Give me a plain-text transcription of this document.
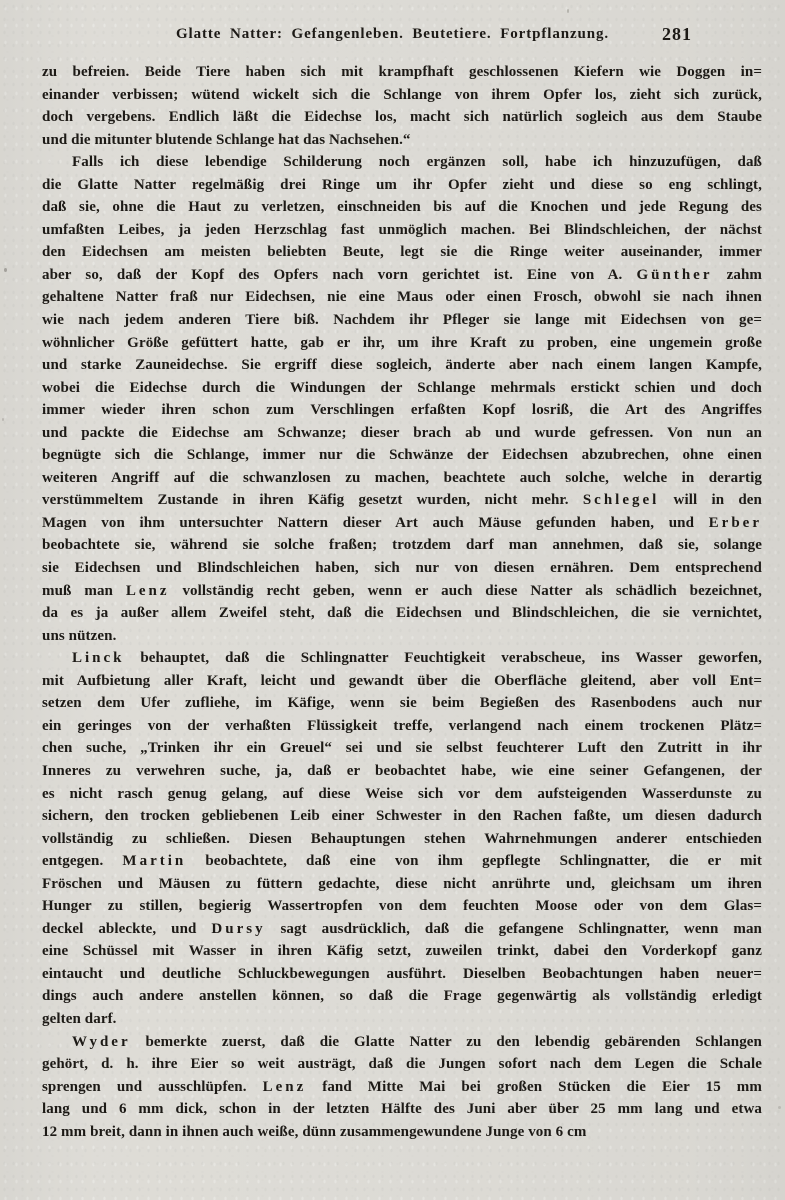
Glatte Natter: Gefangenleben. Beutetiere. Fortpflanzung.	281
zu befreien. Beide Tiere haben sich mit krampfhaft geschlossenen Kiefern wie Doggen in=
einander verbissen; wütend wickelt sich die Schlange von ihrem Opfer los, zieht sich zurück,
doch vergebens. Endlich läßt die Eidechse los, macht sich natürlich sogleich aus dem Staube
und die mitunter blutende Schlange hat das Nachsehen.“
Falls ich diese lebendige Schilderung noch ergänzen soll, habe ich hinzuzufügen, daß
die Glatte Natter regelmäßig drei Ringe um ihr Opfer zieht und diese so eng schlingt,
daß sie, ohne die Haut zu verletzen, einschneiden bis auf die Knochen und jede Regung des
umfaßten Leibes, ja jeden Herzschlag fast unmöglich machen. Bei Blindschleichen, der nächst
den Eidechsen am meisten beliebten Beute, legt sie die Ringe weiter auseinander, immer
aber so, daß der Kopf des Opfers nach vorn gerichtet ist. Eine von A. Günther zahm
gehaltene Natter fraß nur Eidechsen, nie eine Maus oder einen Frosch, obwohl sie nach ihnen
wie nach jedem anderen Tiere biß. Nachdem ihr Pfleger sie lange mit Eidechsen von ge=
wöhnlicher Größe gefüttert hatte, gab er ihr, um ihre Kraft zu proben, eine ungemein große
und starke Zauneidechse. Sie ergriff diese sogleich, änderte aber nach einem langen Kampfe,
wobei die Eidechse durch die Windungen der Schlange mehrmals erstickt schien und doch
immer wieder ihren schon zum Verschlingen erfaßten Kopf losriß, die Art des Angriffes
und packte die Eidechse am Schwanze; dieser brach ab und wurde gefressen. Von nun an
begnügte sich die Schlange, immer nur die Schwänze der Eidechsen abzubrechen, ohne einen
weiteren Angriff auf die schwanzlosen zu machen, beachtete auch solche, welche in derartig
verstümmeltem Zustande in ihren Käfig gesetzt wurden, nicht mehr. Schlegel will in den
Magen von ihm untersuchter Nattern dieser Art auch Mäuse gefunden haben, und Erber
beobachtete sie, während sie solche fraßen; trotzdem darf man annehmen, daß sie, solange
sie Eidechsen und Blindschleichen haben, sich nur von diesen ernähren. Dem entsprechend
muß man Lenz vollständig recht geben, wenn er auch diese Natter als schädlich bezeichnet,
da es ja außer allem Zweifel steht, daß die Eidechsen und Blindschleichen, die sie vernichtet,
uns nützen.
Linck behauptet, daß die Schlingnatter Feuchtigkeit verabscheue, ins Wasser geworfen,
mit Aufbietung aller Kraft, leicht und gewandt über die Oberfläche gleitend, aber voll Ent=
setzen dem Ufer zufliehe, im Käfige, wenn sie beim Begießen des Rasenbodens auch nur
ein geringes von der verhaßten Flüssigkeit treffe, verlangend nach einem trockenen Plätz=
chen suche, „Trinken ihr ein Greuel“ sei und sie selbst feuchterer Luft den Zutritt in ihr
Inneres zu verwehren suche, ja, daß er beobachtet habe, wie eine seiner Gefangenen, der
es nicht rasch genug gelang, auf diese Weise sich vor dem aufsteigenden Wasserdunste zu
sichern, den trocken gebliebenen Leib einer Schwester in den Rachen faßte, um diesen dadurch
vollständig zu schließen. Diesen Behauptungen stehen Wahrnehmungen anderer entschieden
entgegen. Martin beobachtete, daß eine von ihm gepflegte Schlingnatter, die er mit
Fröschen und Mäusen zu füttern gedachte, diese nicht anrührte und, gleichsam um ihren
Hunger zu stillen, begierig Wassertropfen von dem feuchten Moose oder von dem Glas=
deckel ableckte, und Dursy sagt ausdrücklich, daß die gefangene Schlingnatter, wenn man
eine Schüssel mit Wasser in ihren Käfig setzt, zuweilen trinkt, dabei den Vorderkopf ganz
eintaucht und deutliche Schluckbewegungen ausführt. Dieselben Beobachtungen haben neuer=
dings auch andere anstellen können, so daß die Frage gegenwärtig als vollständig erledigt
gelten darf.
Wyder bemerkte zuerst, daß die Glatte Natter zu den lebendig gebärenden Schlangen
gehört, d. h. ihre Eier so weit austrägt, daß die Jungen sofort nach dem Legen die Schale
sprengen und ausschlüpfen. Lenz fand Mitte Mai bei großen Stücken die Eier 15 mm
lang und 6 mm dick, schon in der letzten Hälfte des Juni aber über 25 mm lang und etwa
12 mm breit, dann in ihnen auch weiße, dünn zusammengewundene Junge von 6 cm
